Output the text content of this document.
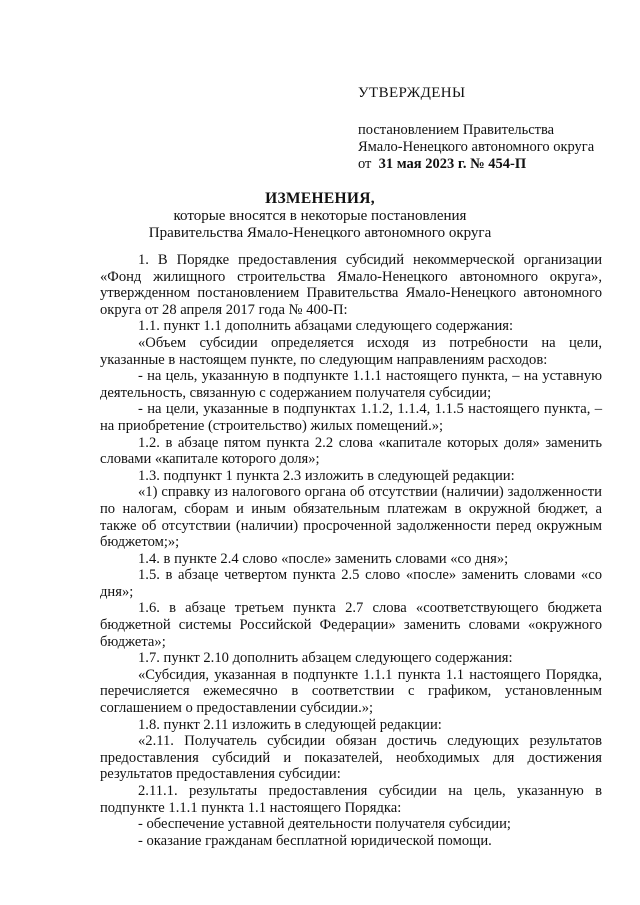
УТВЕРЖДЕНЫ
постановлением Правительства
Ямало-Ненецкого автономного округа
от 31 мая 2023 г. № 454-П
ИЗМЕНЕНИЯ,
которые вносятся в некоторые постановления
Правительства Ямало-Ненецкого автономного округа

1. В Порядке предоставления субсидий некоммерческой организации «Фонд жилищного строительства Ямало-Ненецкого автономного округа», утвержденном постановлением Правительства Ямало-Ненецкого автономного округа от 28 апреля 2017 года № 400-П:

1.1. пункт 1.1 дополнить абзацами следующего содержания:

«Объем субсидии определяется исходя из потребности на цели, указанные в настоящем пункте, по следующим направлениям расходов:

- на цель, указанную в подпункте 1.1.1 настоящего пункта, – на уставную деятельность, связанную с содержанием получателя субсидии;

- на цели, указанные в подпунктах 1.1.2, 1.1.4, 1.1.5 настоящего пункта, – на приобретение (строительство) жилых помещений.»;

1.2. в абзаце пятом пункта 2.2 слова «капитале которых доля» заменить словами «капитале которого доля»;

1.3. подпункт 1 пункта 2.3 изложить в следующей редакции:

«1) справку из налогового органа об отсутствии (наличии) задолженности по налогам, сборам и иным обязательным платежам в окружной бюджет, а также об отсутствии (наличии) просроченной задолженности перед окружным бюджетом;»;

1.4. в пункте 2.4 слово «после» заменить словами «со дня»;

1.5. в абзаце четвертом пункта 2.5 слово «после» заменить словами «со дня»;

1.6. в абзаце третьем пункта 2.7 слова «соответствующего бюджета бюджетной системы Российской Федерации» заменить словами «окружного бюджета»;

1.7. пункт 2.10 дополнить абзацем следующего содержания:

«Субсидия, указанная в подпункте 1.1.1 пункта 1.1 настоящего Порядка, перечисляется ежемесячно в соответствии с графиком, установленным соглашением о предоставлении субсидии.»;

1.8. пункт 2.11 изложить в следующей редакции:

«2.11. Получатель субсидии обязан достичь следующих результатов предоставления субсидий и показателей, необходимых для достижения результатов предоставления субсидии:

2.11.1. результаты предоставления субсидии на цель, указанную в подпункте 1.1.1 пункта 1.1 настоящего Порядка:

- обеспечение уставной деятельности получателя субсидии;

- оказание гражданам бесплатной юридической помощи.
